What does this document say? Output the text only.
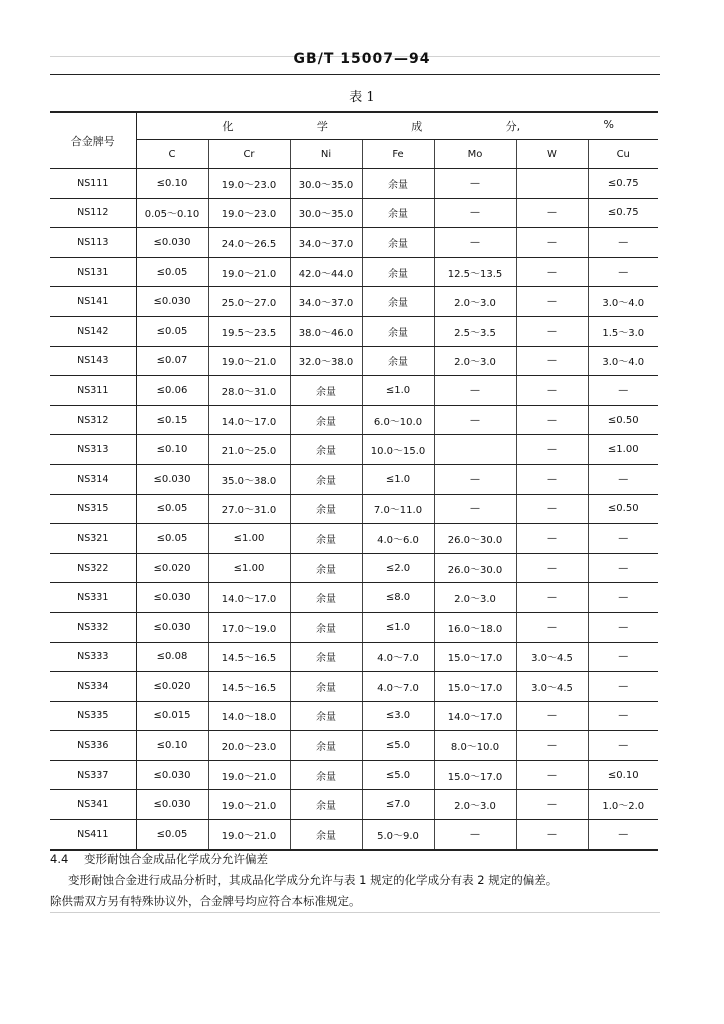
GB/T 15007—94
表 1
合金牌号	化 学 成 分, %						

	C	Cr	Ni	Fe	Mo	W	Cu
NS111	≤0.10	19.0～23.0	30.0～35.0	余量	—		≤0.75
NS112	0.05～0.10	19.0～23.0	30.0～35.0	余量	—	—	≤0.75
NS113	≤0.030	24.0～26.5	34.0～37.0	余量	—	—	—
NS131	≤0.05	19.0～21.0	42.0～44.0	余量	12.5～13.5	—	—
NS141	≤0.030	25.0～27.0	34.0～37.0	余量	2.0～3.0	—	3.0～4.0
NS142	≤0.05	19.5～23.5	38.0～46.0	余量	2.5～3.5	—	1.5～3.0
NS143	≤0.07	19.0～21.0	32.0～38.0	余量	2.0～3.0	—	3.0～4.0
NS311	≤0.06	28.0～31.0	余量	≤1.0	—	—	—
NS312	≤0.15	14.0～17.0	余量	6.0～10.0	—	—	≤0.50
NS313	≤0.10	21.0～25.0	余量	10.0～15.0		—	≤1.00
NS314	≤0.030	35.0～38.0	余量	≤1.0	—	—	—
NS315	≤0.05	27.0～31.0	余量	7.0～11.0	—	—	≤0.50
NS321	≤0.05	≤1.00	余量	4.0～6.0	26.0～30.0	—	—
NS322	≤0.020	≤1.00	余量	≤2.0	26.0～30.0	—	—
NS331	≤0.030	14.0～17.0	余量	≤8.0	2.0～3.0	—	—
NS332	≤0.030	17.0～19.0	余量	≤1.0	16.0～18.0	—	—
NS333	≤0.08	14.5～16.5	余量	4.0～7.0	15.0～17.0	3.0～4.5	—
NS334	≤0.020	14.5～16.5	余量	4.0～7.0	15.0～17.0	3.0～4.5	—
NS335	≤0.015	14.0～18.0	余量	≤3.0	14.0～17.0	—	—
NS336	≤0.10	20.0～23.0	余量	≤5.0	8.0～10.0	—	—
NS337	≤0.030	19.0～21.0	余量	≤5.0	15.0～17.0	—	≤0.10
NS341	≤0.030	19.0～21.0	余量	≤7.0	2.0～3.0	—	1.0～2.0
NS411	≤0.05	19.0～21.0	余量	5.0～9.0	—	—	—
4.4 变形耐蚀合金成品化学成分允许偏差
变形耐蚀合金进行成品分析时，其成品化学成分允许与表 1 规定的化学成分有表 2 规定的偏差。
除供需双方另有特殊协议外，合金牌号均应符合本标准规定。
